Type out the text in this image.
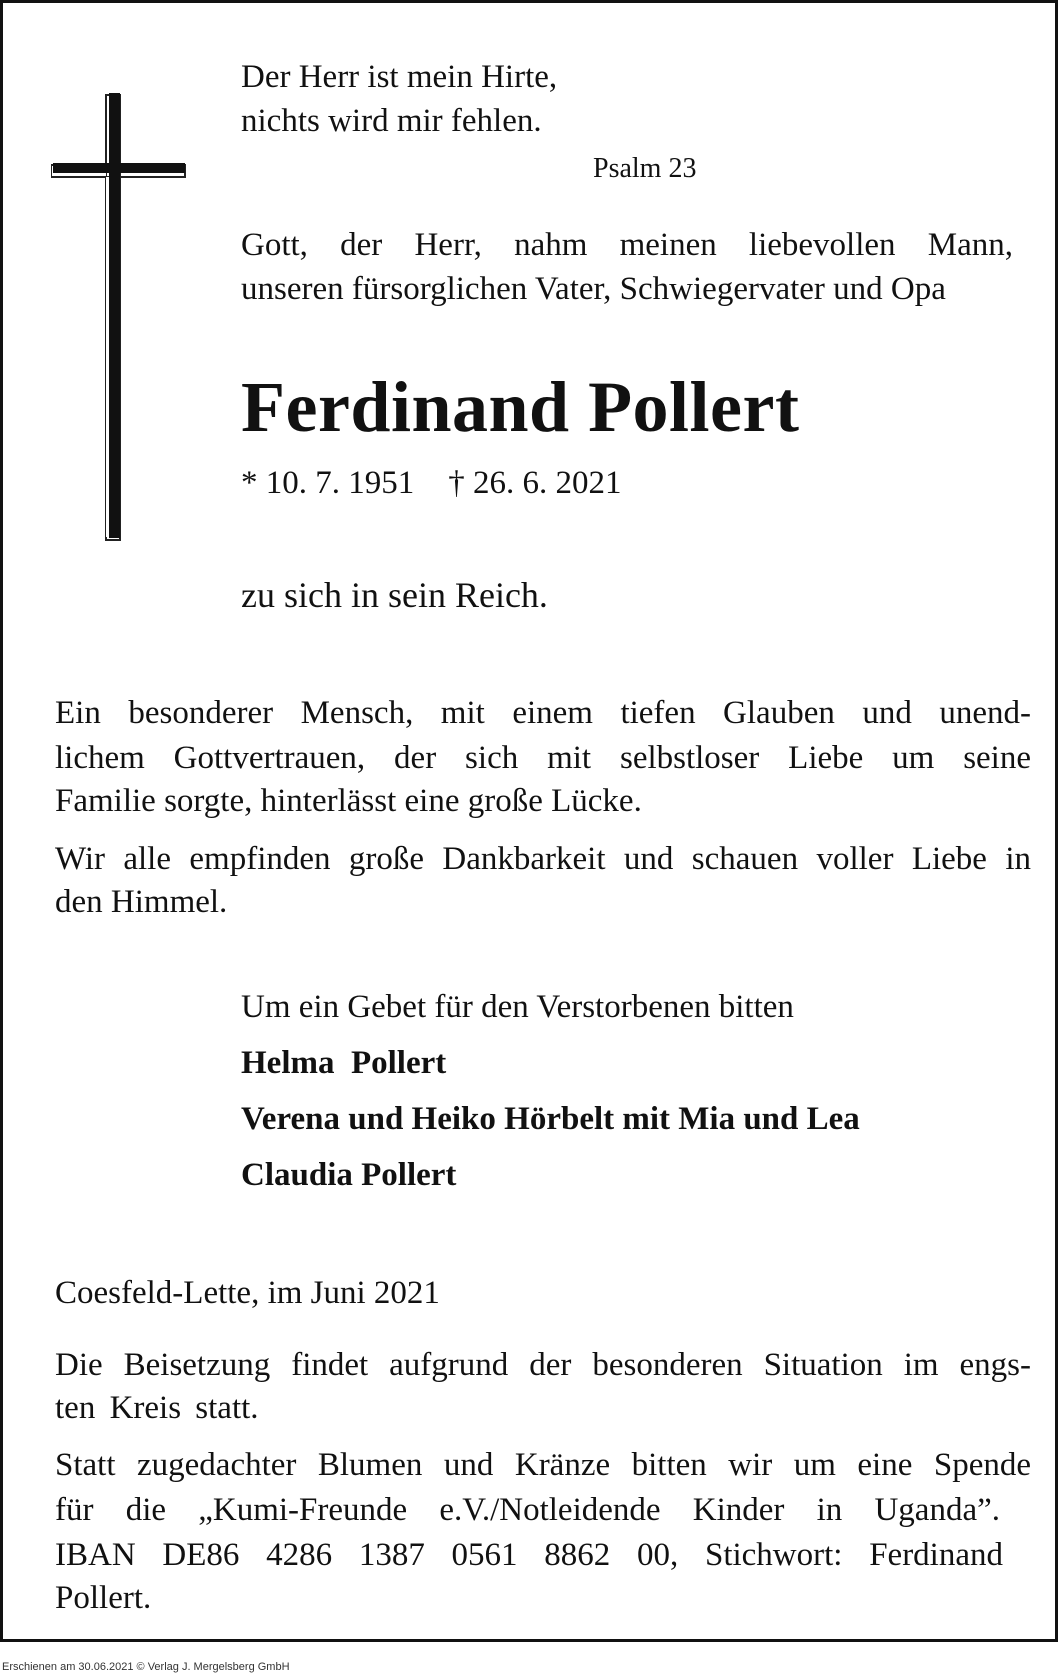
Der Herr ist mein Hirte,
nichts wird mir fehlen.
Psalm 23
Gott, der Herr, nahm meinen liebevollen Mann,
unseren fürsorglichen Vater, Schwiegervater und Opa
Ferdinand Pollert
* 10. 7. 1951 † 26. 6. 2021
zu sich in sein Reich.
Ein besonderer Mensch, mit einem tiefen Glauben und unend-
lichem Gottvertrauen, der sich mit selbstloser Liebe um seine
Familie sorgte, hinterlässt eine große Lücke.
Wir alle empfinden große Dankbarkeit und schauen voller Liebe in
den Himmel.
Um ein Gebet für den Verstorbenen bitten
Helma  Pollert
Verena und Heiko Hörbelt mit Mia und Lea
Claudia Pollert
Coesfeld-Lette, im Juni 2021
Die Beisetzung findet aufgrund der besonderen Situation im engs-
ten Kreis statt.
Statt zugedachter Blumen und Kränze bitten wir um eine Spende
für die „Kumi-Freunde e.V./Notleidende Kinder in Uganda”.
IBAN DE86 4286 1387 0561 8862 00, Stichwort: Ferdinand
Pollert.
Erschienen am 30.06.2021 © Verlag J. Mergelsberg GmbH
